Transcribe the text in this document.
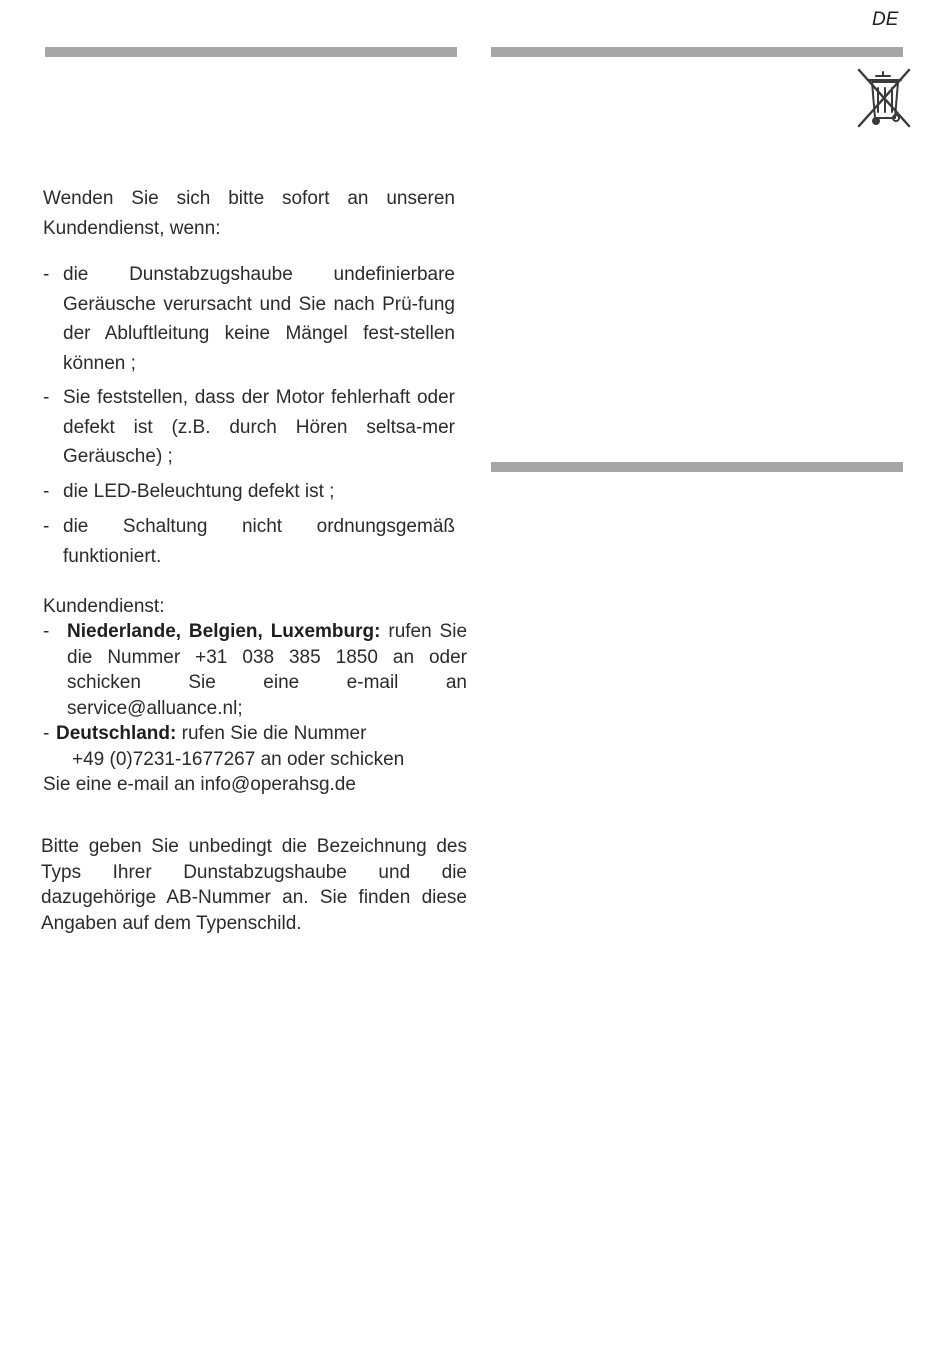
DE
Wenden Sie sich bitte sofort an unseren Kundendienst, wenn:
- die Dunstabzugshaube undefinierbare Geräusche verursacht und Sie nach Prü-fung der Abluftleitung keine Mängel fest-stellen können ;
- Sie feststellen, dass der Motor fehlerhaft oder defekt ist (z.B. durch Hören seltsa-mer Geräusche) ;
- die LED-Beleuchtung defekt ist ;
- die Schaltung nicht ordnungsgemäß funktioniert.
Kundendienst:
- Niederlande, Belgien, Luxemburg: rufen Sie die Nummer +31 038 385 1850 an oder schicken Sie eine e-mail an service@alluance.nl;
- Deutschland: rufen Sie die Nummer
+49 (0)7231-1677267 an oder schicken
Sie eine e-mail an info@operahsg.de
Bitte geben Sie unbedingt die Bezeichnung des Typs Ihrer Dunstabzugshaube und die dazugehörige AB-Nummer an. Sie finden diese Angaben auf dem Typenschild.
